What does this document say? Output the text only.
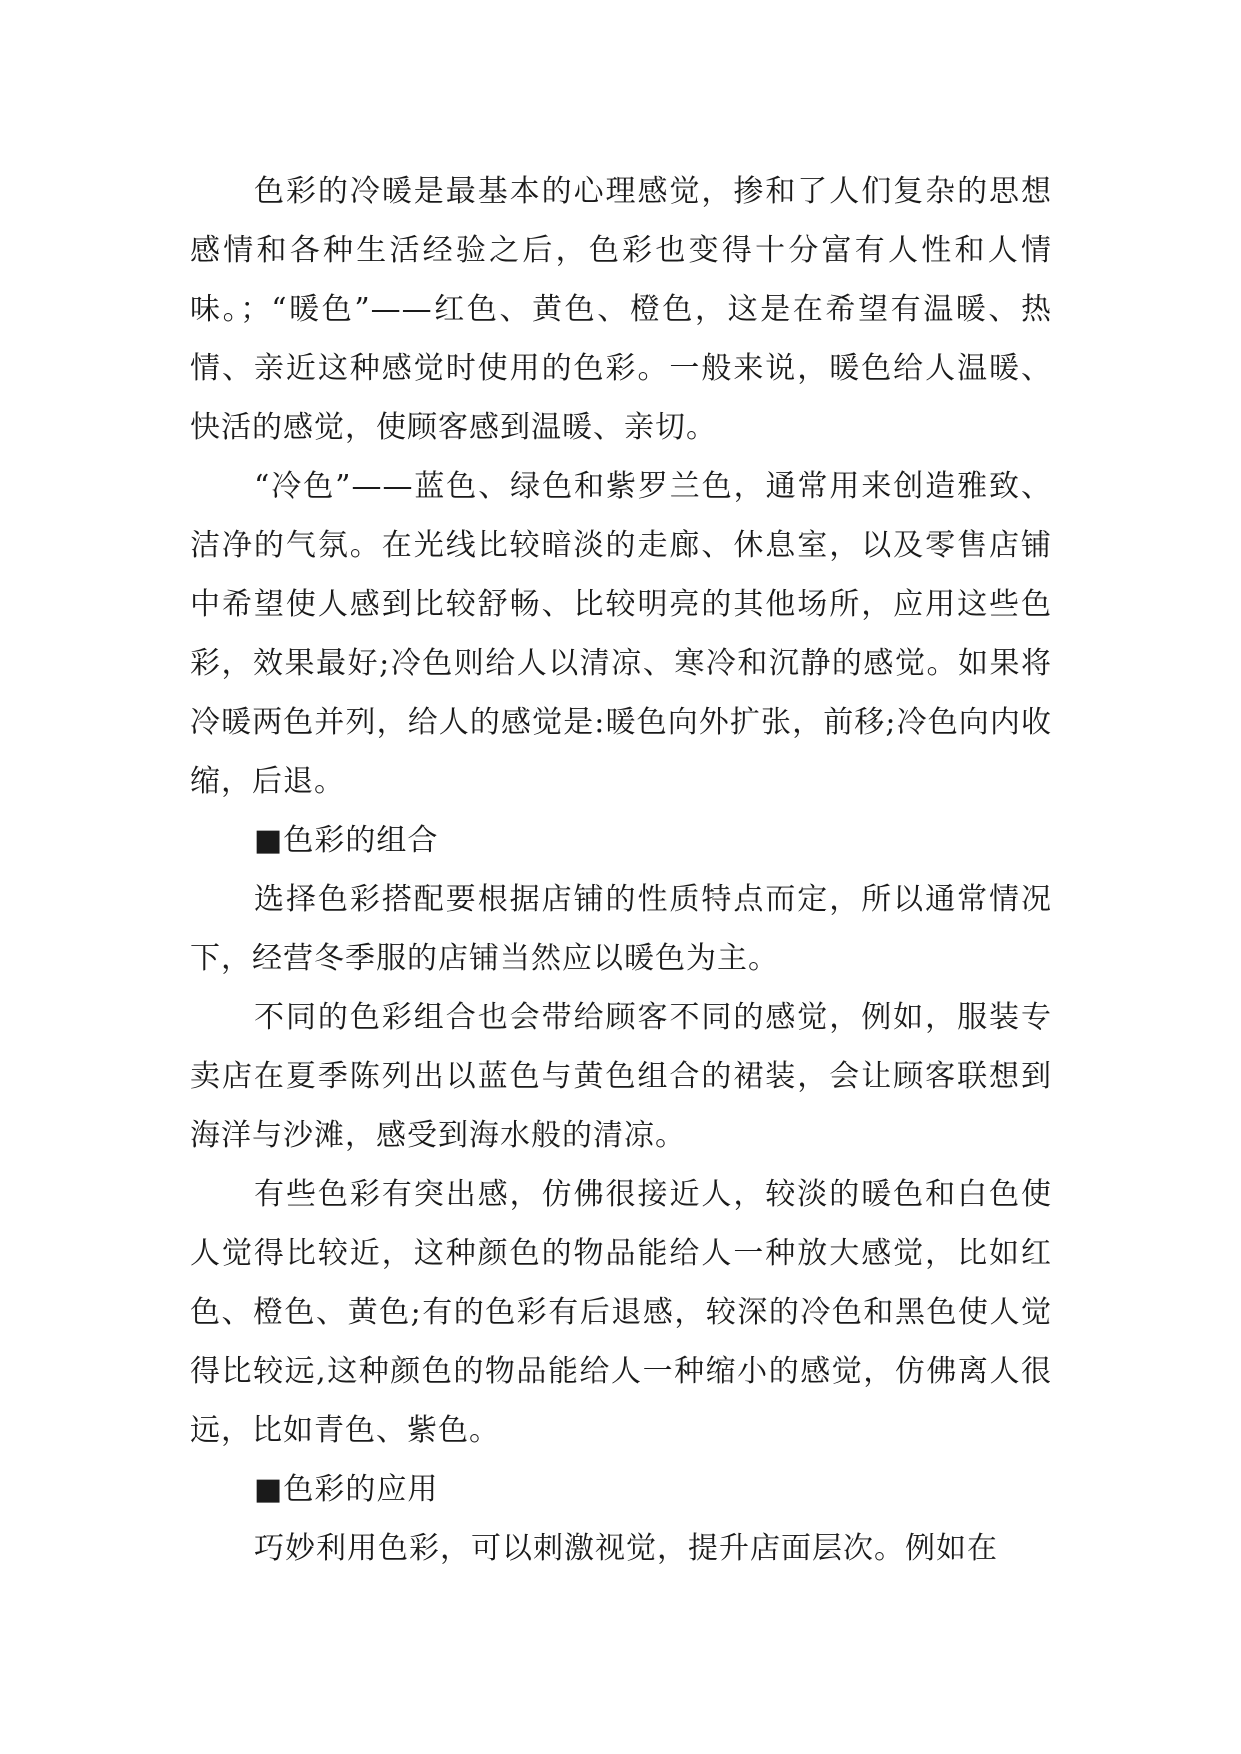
色彩的冷暖是最基本的心理感觉，掺和了人们复杂的思想感情和各种生活经验之后，色彩也变得十分富有人性和人情味。；“暖色”——红色、黄色、橙色，这是在希望有温暖、热情、亲近这种感觉时使用的色彩。一般来说，暖色给人温暖、快活的感觉，使顾客感到温暖、亲切。

“冷色”——蓝色、绿色和紫罗兰色，通常用来创造雅致、洁净的气氛。在光线比较暗淡的走廊、休息室，以及零售店铺中希望使人感到比较舒畅、比较明亮的其他场所，应用这些色彩，效果最好;冷色则给人以清凉、寒冷和沉静的感觉。如果将冷暖两色并列，给人的感觉是:暖色向外扩张，前移;冷色向内收缩，后退。

■色彩的组合

选择色彩搭配要根据店铺的性质特点而定，所以通常情况下，经营冬季服的店铺当然应以暖色为主。

不同的色彩组合也会带给顾客不同的感觉，例如，服装专卖店在夏季陈列出以蓝色与黄色组合的裙装，会让顾客联想到海洋与沙滩，感受到海水般的清凉。

有些色彩有突出感，仿佛很接近人，较淡的暖色和白色使人觉得比较近，这种颜色的物品能给人一种放大感觉，比如红色、橙色、黄色;有的色彩有后退感，较深的冷色和黑色使人觉得比较远,这种颜色的物品能给人一种缩小的感觉，仿佛离人很远，比如青色、紫色。

■色彩的应用

巧妙利用色彩，可以刺激视觉，提升店面层次。例如在
